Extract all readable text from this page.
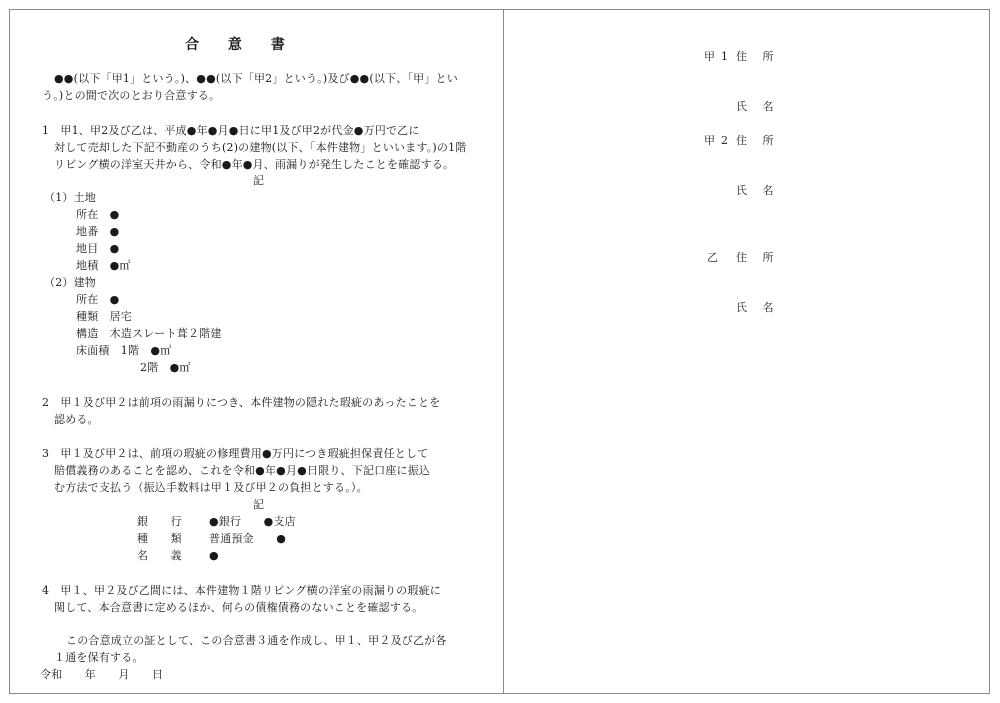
合 意 書
●●(以下「甲1」という。)、●●(以下「甲2」という。)及び●●(以下、「甲」とい
う。)との間で次のとおり合意する。
1　甲1、甲2及び乙は、平成●年●月●日に甲1及び甲2が代金●万円で乙に
対して売却した下記不動産のうち(2)の建物(以下、「本件建物」といいます。)の1階
リビング横の洋室天井から、令和●年●月、雨漏りが発生したことを確認する。
記
（1）土地
所在　●
地番　●
地目　●
地積　●㎡
（2）建物
所在　●
種類　居宅
構造　木造スレート葺２階建
床面積　1階　●㎡
2階　●㎡
2　甲１及び甲２は前項の雨漏りにつき、本件建物の隠れた瑕疵のあったことを
認める。
3　甲１及び甲２は、前項の瑕疵の修理費用●万円につき瑕疵担保責任として
賠償義務のあることを認め、これを令和●年●月●日限り、下記口座に振込
む方法で支払う（振込手数料は甲１及び甲２の負担とする。）。
記
銀　　行 ●銀行　　●支店
種　　類 普通預金　　●
名　　義 ●
4　甲１、甲２及び乙間には、本件建物１階リビング横の洋室の雨漏りの瑕疵に
関して、本合意書に定めるほか、何らの債権債務のないことを確認する。
この合意成立の証として、この合意書３通を作成し、甲１、甲２及び乙が各
１通を保有する。
令和　　年　　月　　日
甲1 住 所
氏 名
甲2 住 所
氏 名
乙 住 所
氏 名
